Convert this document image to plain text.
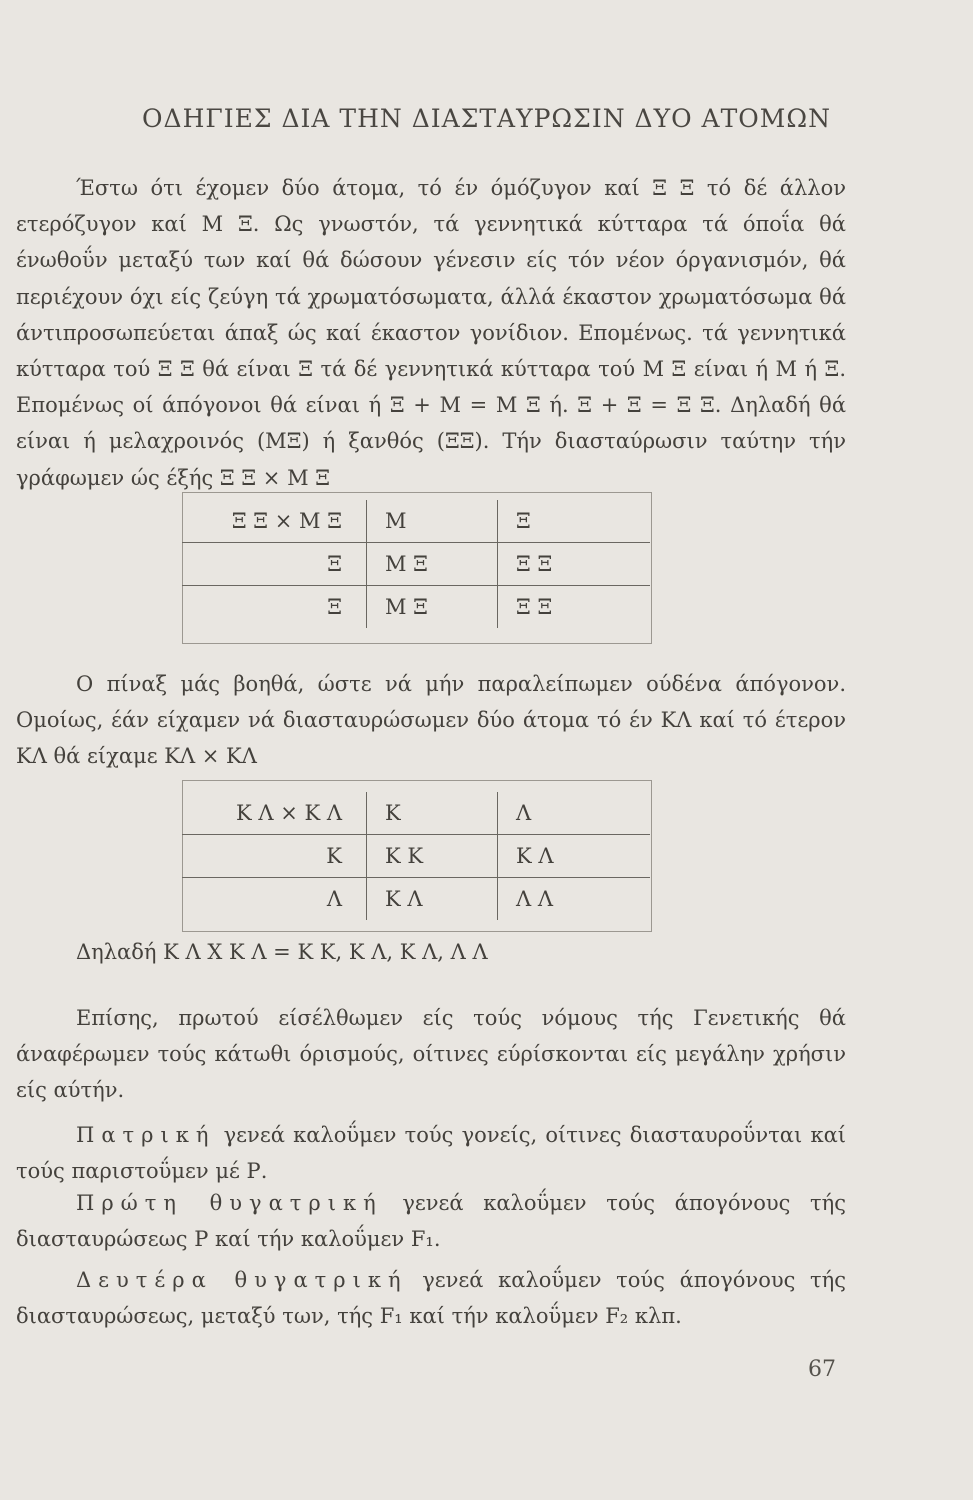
ΟΔΗΓΙΕΣ ΔΙΑ ΤΗΝ ΔΙΑΣΤΑΥΡΩΣΙΝ ΔΥΟ ΑΤΟΜΩΝ
Έστω ότι έχομεν δύο άτομα, τό έν όμόζυγον καί Ξ Ξ τό δέ άλλον ετερόζυγον καί Μ Ξ. Ως γνωστόν, τά γεννητικά κύτταρα τά όποΐα θά ένωθοΰν μεταξύ των καί θά δώσουν γένεσιν είς τόν νέον όργανισμόν, θά περιέχουν όχι είς ζεύγη τά χρωματόσωματα, άλλά έκαστον χρωματόσωμα θά άντιπροσωπεύεται άπαξ ώς καί έκαστον γονίδιον. Επομένως. τά γεννητικά κύτταρα τού Ξ Ξ θά είναι Ξ τά δέ γεννητικά κύτταρα τού Μ Ξ είναι ή Μ ή Ξ. Επομένως οί άπόγονοι θά είναι ή Ξ + Μ = Μ Ξ ή. Ξ + Ξ = Ξ Ξ. Δηλαδή θά είναι ή μελαχροινός (ΜΞ) ή ξανθός (ΞΞ). Τήν διασταύρωσιν ταύτην τήν γράφωμεν ώς έξής Ξ Ξ × Μ Ξ
Ξ Ξ × Μ Ξ	Μ	Ξ
Ξ	Μ Ξ	Ξ Ξ
Ξ	Μ Ξ	Ξ Ξ
Ο πίναξ μάς βοηθά, ώστε νά μήν παραλείπωμεν ούδένα άπόγονον. Ομοίως, έάν είχαμεν νά διασταυρώσωμεν δύο άτομα τό έν ΚΛ καί τό έτερον ΚΛ θά είχαμε ΚΛ × ΚΛ
Κ Λ × Κ Λ	Κ	Λ
Κ	Κ Κ	Κ Λ
Λ	Κ Λ	Λ Λ
Δηλαδή Κ Λ Χ Κ Λ = Κ Κ, Κ Λ, Κ Λ, Λ Λ
Επίσης, πρωτού είσέλθωμεν είς τούς νόμους τής Γενετικής θά άναφέρωμεν τούς κάτωθι όρισμούς, οίτινες εύρίσκονται είς μεγάλην χρήσιν είς αύτήν.
Πατρική γενεά καλοΰμεν τούς γονείς, οίτινες διασταυροΰνται καί τούς παριστοΰμεν μέ Ρ.
Πρώτη θυγατρική γενεά καλοΰμεν τούς άπογόνους τής διασταυρώσεως Ρ καί τήν καλοΰμεν F₁.
Δευτέρα θυγατρική γενεά καλοΰμεν τούς άπογόνους τής διασταυρώσεως, μεταξύ των, τής F₁ καί τήν καλοΰμεν F₂ κλπ.
67
